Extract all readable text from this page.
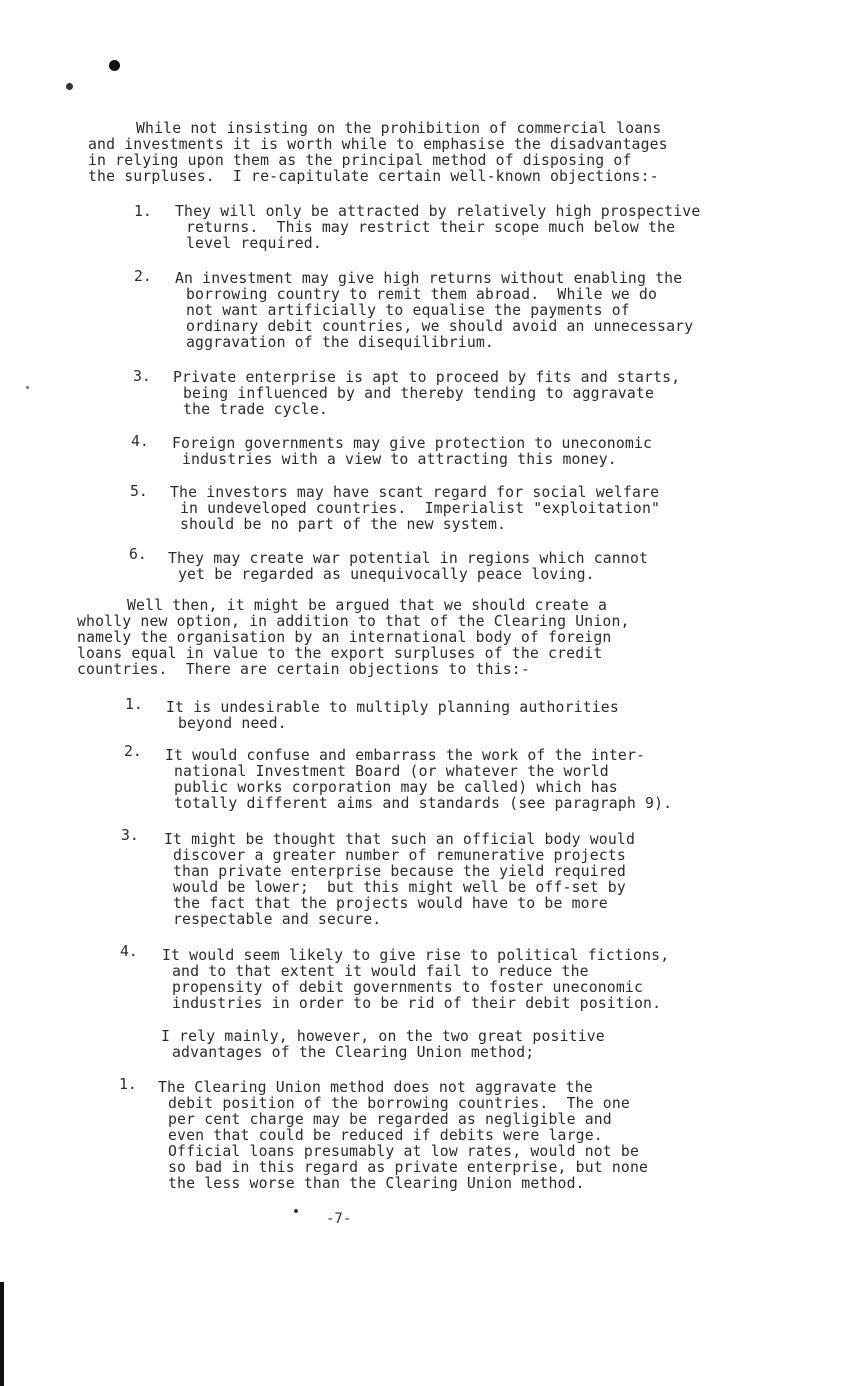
While not insisting on the prohibition of commercial loans
and investments it is worth while to emphasise the disadvantages
in relying upon them as the principal method of disposing of
the surpluses.  I re-capitulate certain well-known objections:-
1. They will only be attracted by relatively high prospective
returns.  This may restrict their scope much below the
level required.
2. An investment may give high returns without enabling the
borrowing country to remit them abroad.  While we do
not want artificially to equalise the payments of
ordinary debit countries, we should avoid an unnecessary
aggravation of the disequilibrium.
3. Private enterprise is apt to proceed by fits and starts,
being influenced by and thereby tending to aggravate
the trade cycle.
4. Foreign governments may give protection to uneconomic
industries with a view to attracting this money.
5. The investors may have scant regard for social welfare
in undeveloped countries.  Imperialist "exploitation"
should be no part of the new system.
6. They may create war potential in regions which cannot
yet be regarded as unequivocally peace loving.
Well then, it might be argued that we should create a
wholly new option, in addition to that of the Clearing Union,
namely the organisation by an international body of foreign
loans equal in value to the export surpluses of the credit
countries.  There are certain objections to this:-
1. It is undesirable to multiply planning authorities
beyond need.
2. It would confuse and embarrass the work of the inter-
national Investment Board (or whatever the world
public works corporation may be called) which has
totally different aims and standards (see paragraph 9).
3. It might be thought that such an official body would
discover a greater number of remunerative projects
than private enterprise because the yield required
would be lower;  but this might well be off-set by
the fact that the projects would have to be more
respectable and secure.
4. It would seem likely to give rise to political fictions,
and to that extent it would fail to reduce the
propensity of debit governments to foster uneconomic
industries in order to be rid of their debit position.
I rely mainly, however, on the two great positive
advantages of the Clearing Union method;
1. The Clearing Union method does not aggravate the
debit position of the borrowing countries.  The one
per cent charge may be regarded as negligible and
even that could be reduced if debits were large.
Official loans presumably at low rates, would not be
so bad in this regard as private enterprise, but none
the less worse than the Clearing Union method.
-7-
